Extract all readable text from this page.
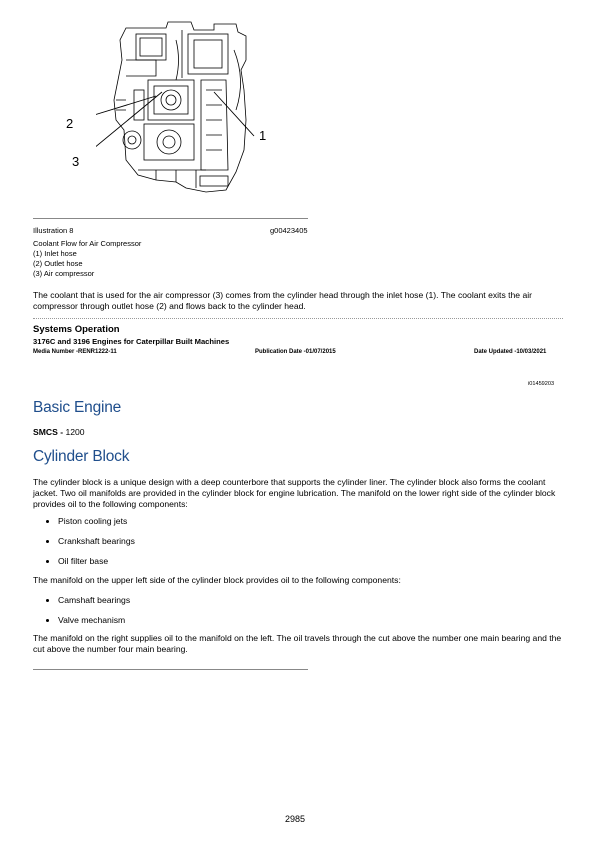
1
2
3
Illustration 8	g00423405
Coolant Flow for Air Compressor
(1) Inlet hose
(2) Outlet hose
(3) Air compressor
The coolant that is used for the air compressor (3) comes from the cylinder head through the inlet hose (1). The coolant exits the air compressor through outlet hose (2) and flows back to the cylinder head.
Systems Operation
3176C and 3196 Engines for Caterpillar Built Machines
Media Number -RENR1222-11	Publication Date -01/07/2015	Date Updated -10/03/2021
i01459203
Basic Engine
SMCS - 1200
Cylinder Block
The cylinder block is a unique design with a deep counterbore that supports the cylinder liner. The cylinder block also forms the coolant jacket. Two oil manifolds are provided in the cylinder block for engine lubrication. The manifold on the lower right side of the cylinder block provides oil to the following components:
Piston cooling jets
Crankshaft bearings
Oil filter base
The manifold on the upper left side of the cylinder block provides oil to the following components:
Camshaft bearings
Valve mechanism
The manifold on the right supplies oil to the manifold on the left. The oil travels through the cut above the number one main bearing and the cut above the number four main bearing.
2985
